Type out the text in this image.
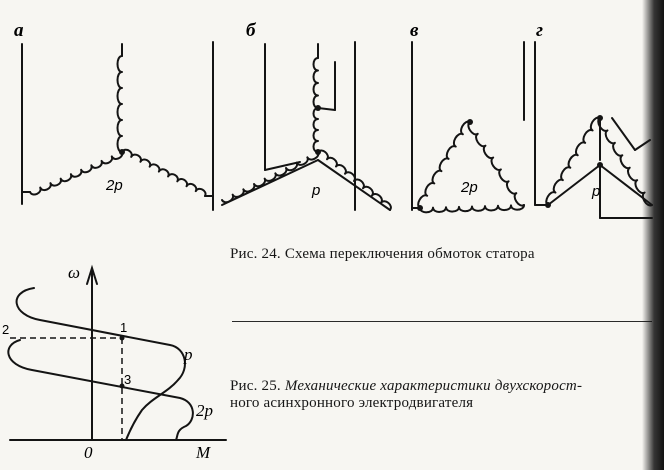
а	б	в	г
2p	p	2p	p
ω
M
0
1
2
3
p
2p
Рис. 24. Схема переключения обмоток статора
Рис. 25. Механические характеристики двухскорост-
ного асинхронного электродвигателя
